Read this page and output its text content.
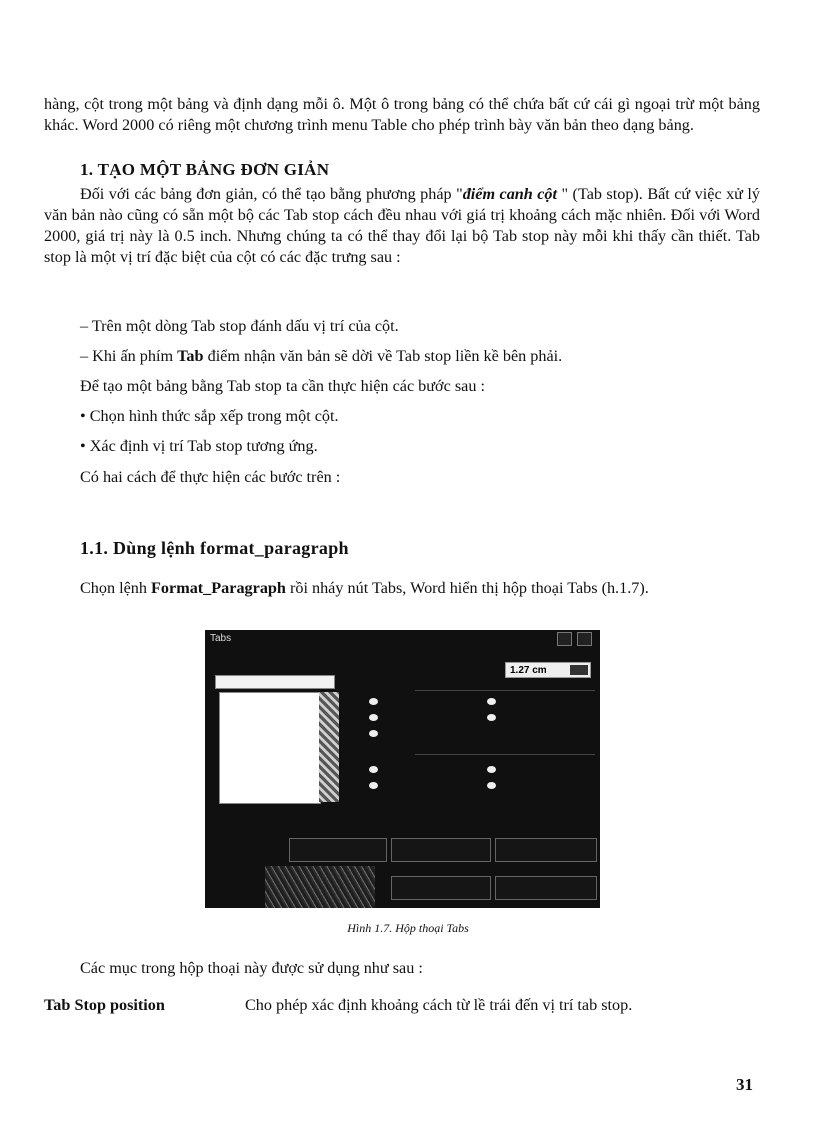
hàng, cột trong một bảng và định dạng mỗi ô. Một ô trong bảng có thể chứa bất cứ cái gì ngoại trừ một bảng khác. Word 2000 có riêng một chương trình menu Table cho phép trình bày văn bản theo dạng bảng.

1. TẠO MỘT BẢNG ĐƠN GIẢN

Đối với các bảng đơn giản, có thể tạo bằng phương pháp "điểm canh cột " (Tab stop). Bất cứ việc xử lý văn bản nào cũng có sẵn một bộ các Tab stop cách đều nhau với giá trị khoảng cách mặc nhiên. Đối với Word 2000, giá trị này là 0.5 inch. Nhưng chúng ta có thể thay đổi lại bộ Tab stop này mỗi khi thấy cần thiết. Tab stop là một vị trí đặc biệt của cột có các đặc trưng sau :

– Trên một dòng Tab stop đánh dấu vị trí của cột.
– Khi ấn phím Tab điểm nhận văn bản sẽ dời về Tab stop liền kề bên phải.
Để tạo một bảng bằng Tab stop ta cần thực hiện các bước sau :
• Chọn hình thức sắp xếp trong một cột.
• Xác định vị trí Tab stop tương ứng.
Có hai cách để thực hiện các bước trên :
1.1. Dùng lệnh format_paragraph

Chọn lệnh Format_Paragraph rồi nháy nút Tabs, Word hiển thị hộp thoại Tabs (h.1.7).

Tabs
1.27 cm
Hình 1.7. Hộp thoại Tabs
Các mục trong hộp thoại này được sử dụng như sau :
Tab Stop position	Cho phép xác định khoảng cách từ lề trái đến vị trí tab stop.
31
